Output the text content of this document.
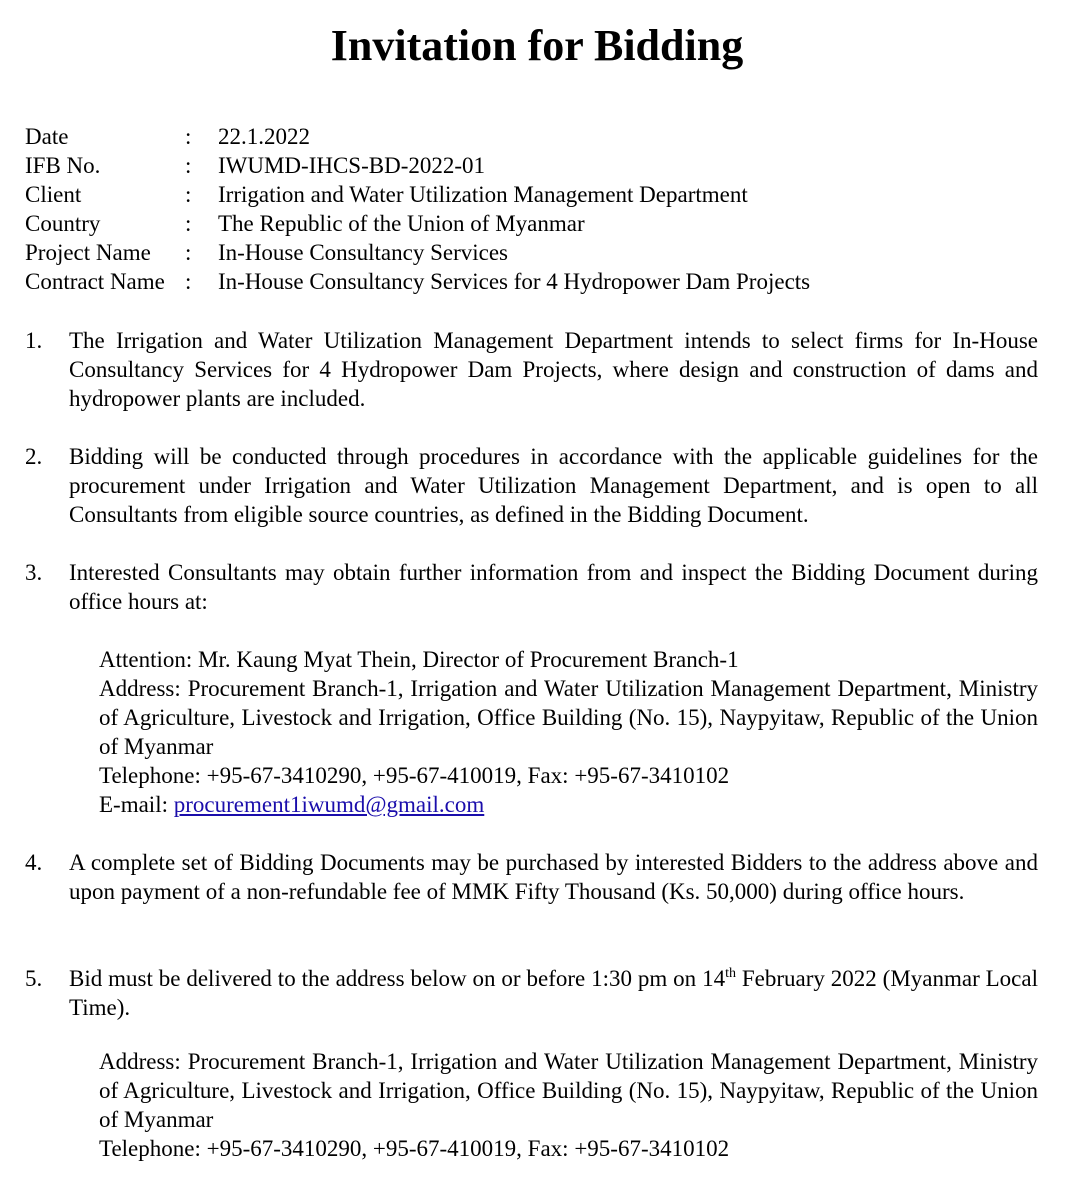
Invitation for Bidding
Date	:	22.1.2022
IFB No.	:	IWUMD-IHCS-BD-2022-01
Client	:	Irrigation and Water Utilization Management Department
Country	:	The Republic of the Union of Myanmar
Project Name	:	In-House Consultancy Services
Contract Name :	In-House Consultancy Services for 4 Hydropower Dam Projects
1.	The Irrigation and Water Utilization Management Department intends to select firms for In-House Consultancy Services for 4 Hydropower Dam Projects, where design and construction of dams and hydropower plants are included.
2.	Bidding will be conducted through procedures in accordance with the applicable guidelines for the procurement under Irrigation and Water Utilization Management Department, and is open to all Consultants from eligible source countries, as defined in the Bidding Document.
3.	Interested Consultants may obtain further information from and inspect the Bidding Document during office hours at:

Attention: Mr. Kaung Myat Thein, Director of Procurement Branch-1

Address: Procurement Branch-1, Irrigation and Water Utilization Management Department, Ministry of Agriculture, Livestock and Irrigation, Office Building (No. 15), Naypyitaw, Republic of the Union of Myanmar

Telephone: +95-67-3410290, +95-67-410019, Fax: +95-67-3410102

E-mail: procurement1iwumd@gmail.com

4.	A complete set of Bidding Documents may be purchased by interested Bidders to the address above and upon payment of a non-refundable fee of MMK Fifty Thousand (Ks. 50,000) during office hours.
5.	Bid must be delivered to the address below on or before 1:30 pm on 14th February 2022 (Myanmar Local Time).

Address: Procurement Branch-1, Irrigation and Water Utilization Management Department, Ministry of Agriculture, Livestock and Irrigation, Office Building (No. 15), Naypyitaw, Republic of the Union of Myanmar

Telephone: +95-67-3410290, +95-67-410019, Fax: +95-67-3410102
